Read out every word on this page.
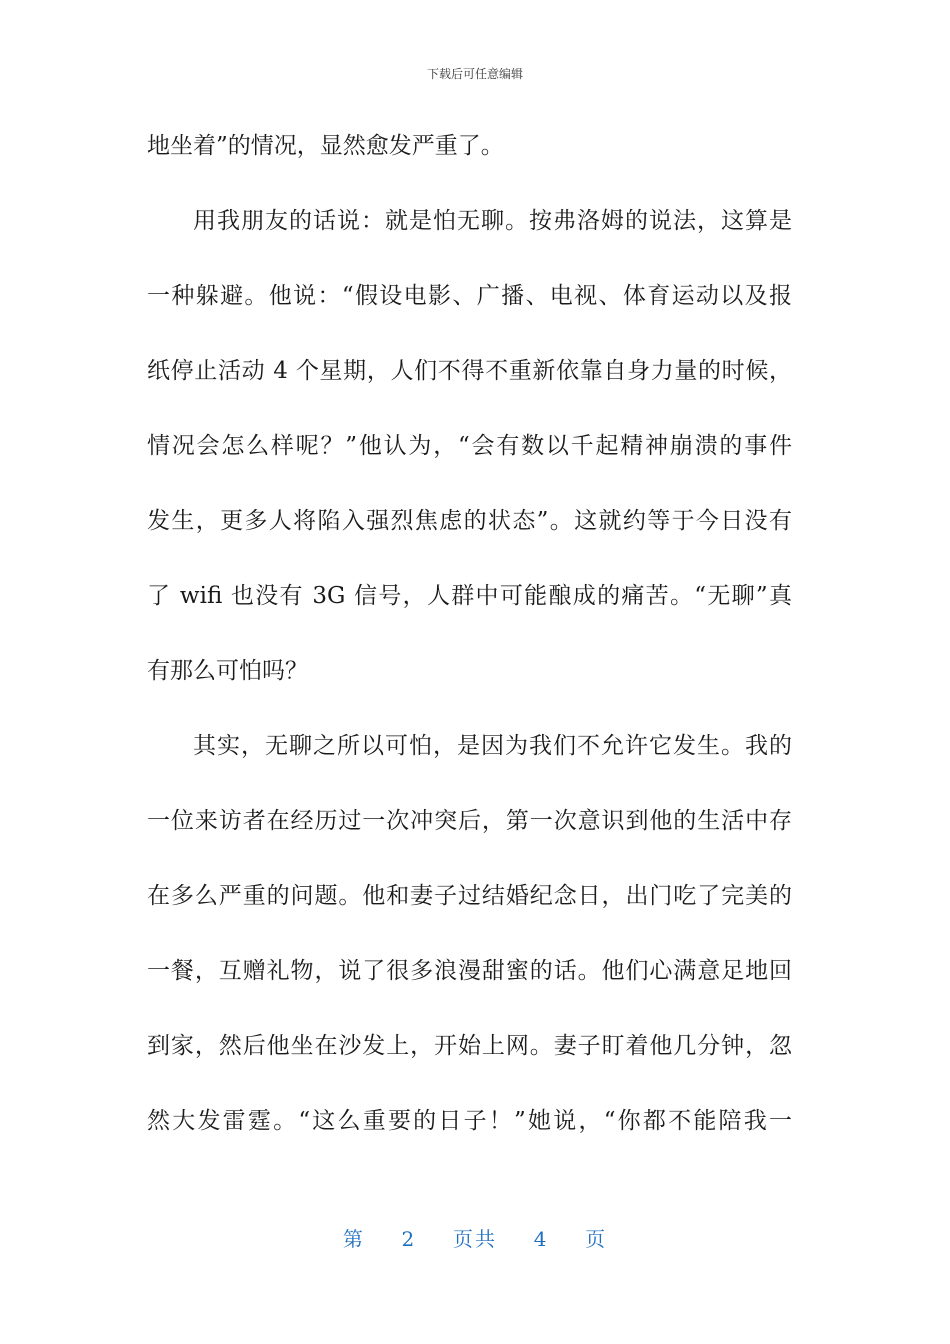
下载后可任意编辑
地坐着”的情况，显然愈发严重了。
用我朋友的话说：就是怕无聊。按弗洛姆的说法，这算是
一种躲避。他说：“假设电影、广播、电视、体育运动以及报
纸停止活动 4 个星期，人们不得不重新依靠自身力量的时候，
情况会怎么样呢？”他认为，“会有数以千起精神崩溃的事件
发生，更多人将陷入强烈焦虑的状态”。这就约等于今日没有
了 wifi 也没有 3G 信号，人群中可能酿成的痛苦。“无聊”真
有那么可怕吗？
其实，无聊之所以可怕，是因为我们不允许它发生。我的
一位来访者在经历过一次冲突后，第一次意识到他的生活中存
在多么严重的问题。他和妻子过结婚纪念日，出门吃了完美的
一餐，互赠礼物，说了很多浪漫甜蜜的话。他们心满意足地回
到家，然后他坐在沙发上，开始上网。妻子盯着他几分钟，忽
然大发雷霆。“这么重要的日子！”她说，“你都不能陪我一
第 2 页共 4 页
